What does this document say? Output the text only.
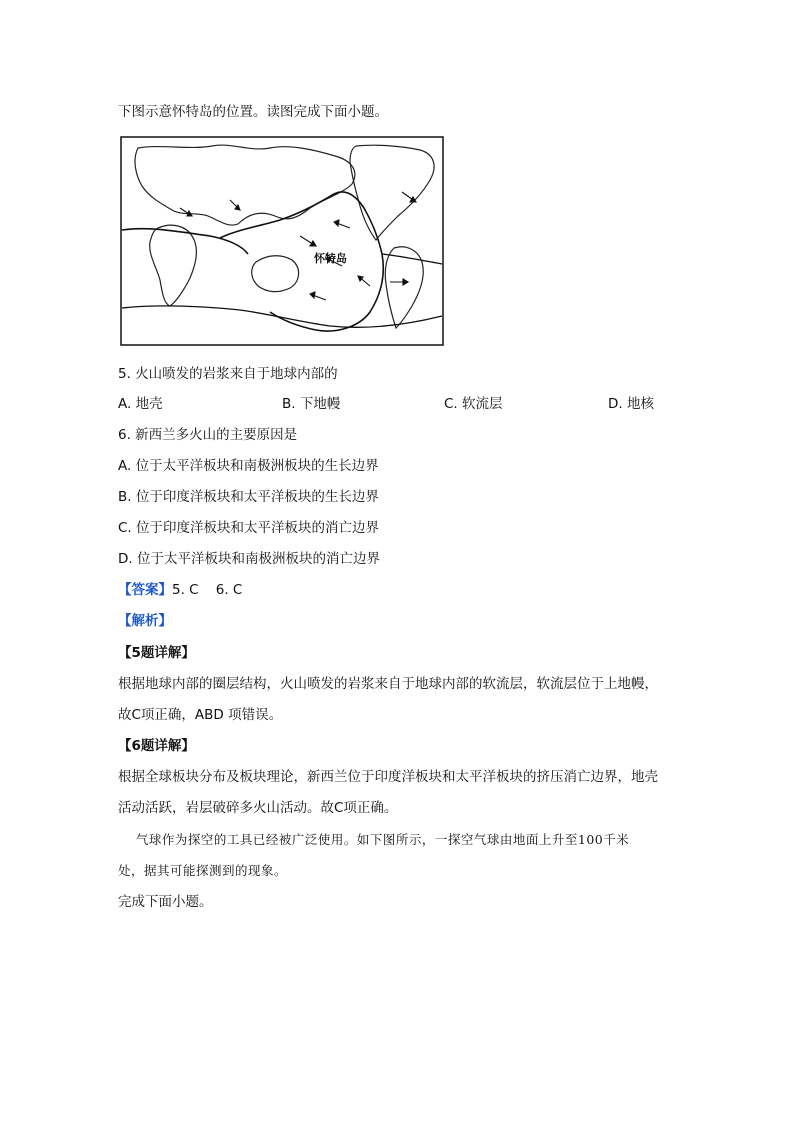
下图示意怀特岛的位置。读图完成下面小题。
怀特岛
5. 火山喷发的岩浆来自于地球内部的
A. 地壳	B. 下地幔	C. 软流层	D. 地核
6. 新西兰多火山的主要原因是
A. 位于太平洋板块和南极洲板块的生长边界
B. 位于印度洋板块和太平洋板块的生长边界
C. 位于印度洋板块和太平洋板块的消亡边界
D. 位于太平洋板块和南极洲板块的消亡边界
【答案】5. C    6. C
【解析】
【5题详解】
根据地球内部的圈层结构，火山喷发的岩浆来自于地球内部的软流层，软流层位于上地幔，
故C项正确，ABD 项错误。
【6题详解】
根据全球板块分布及板块理论，新西兰位于印度洋板块和太平洋板块的挤压消亡边界，地壳
活动活跃，岩层破碎多火山活动。故C项正确。
气球作为探空的工具已经被广泛使用。如下图所示，一探空气球由地面上升至100千米
处，据其可能探测到的现象。
完成下面小题。
